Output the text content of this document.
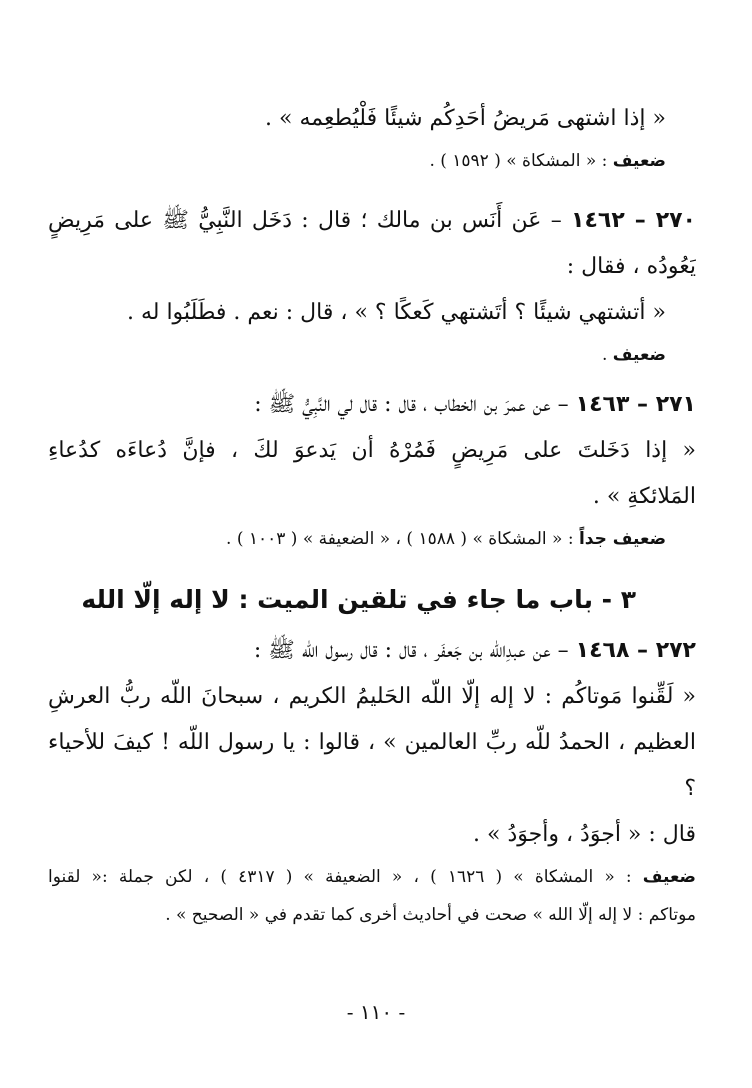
« إذا اشتهى مَريضُ أحَدِكُم شيئًا فَلْيُطعِمه » .
ضعيف : « المشكاة » ( ١٥٩٢ ) .
٢٧٠ – ١٤٦٢ – عَن أَنَس بن مالك ؛ قال : دَخَل النَّبِيُّ ﷺ على مَرِيضٍ
يَعُودُه ، فقال :
« أتشتهي شيئًا ؟ أتَشتهي كَعكًا ؟ » ، قال : نعم . فطَلَبُوا له .
ضعيف .
٢٧١ – ١٤٦٣ – عن عمرَ بن الخطاب ، قال : قال لي النَّبِيُّ ﷺ :
« إذا دَخَلتَ على مَرِيضٍ فَمُرْهُ أن يَدعوَ لكَ ، فإنَّ دُعاءَه كدُعاءِ
المَلائكةِ » .
ضعيف جداً : « المشكاة » ( ١٥٨٨ ) ، « الضعيفة » ( ١٠٠٣ ) .
٣ - باب ما جاء في تلقين الميت : لا إله إلّا الله
٢٧٢ – ١٤٦٨ – عن عبدِالله بن جَعفَر ، قال : قال رسول الله ﷺ :
« لَقِّنوا مَوتاكُم : لا إله إلّا اللّه الحَليمُ الكريم ، سبحانَ اللّه ربُّ العرشِ
العظيم ، الحمدُ للّه ربِّ العالمين » ، قالوا : يا رسول اللّه ! كيفَ للأحياء ؟
قال : « أجوَدُ ، وأجوَدُ » .
ضعيف : « المشكاة » ( ١٦٢٦ ) ، « الضعيفة » ( ٤٣١٧ ) ، لكن جملة :« لقنوا
موتاكم : لا إله إلّا الله » صحت في أحاديث أخرى كما تقدم في « الصحيح » .
- ١١٠ -
